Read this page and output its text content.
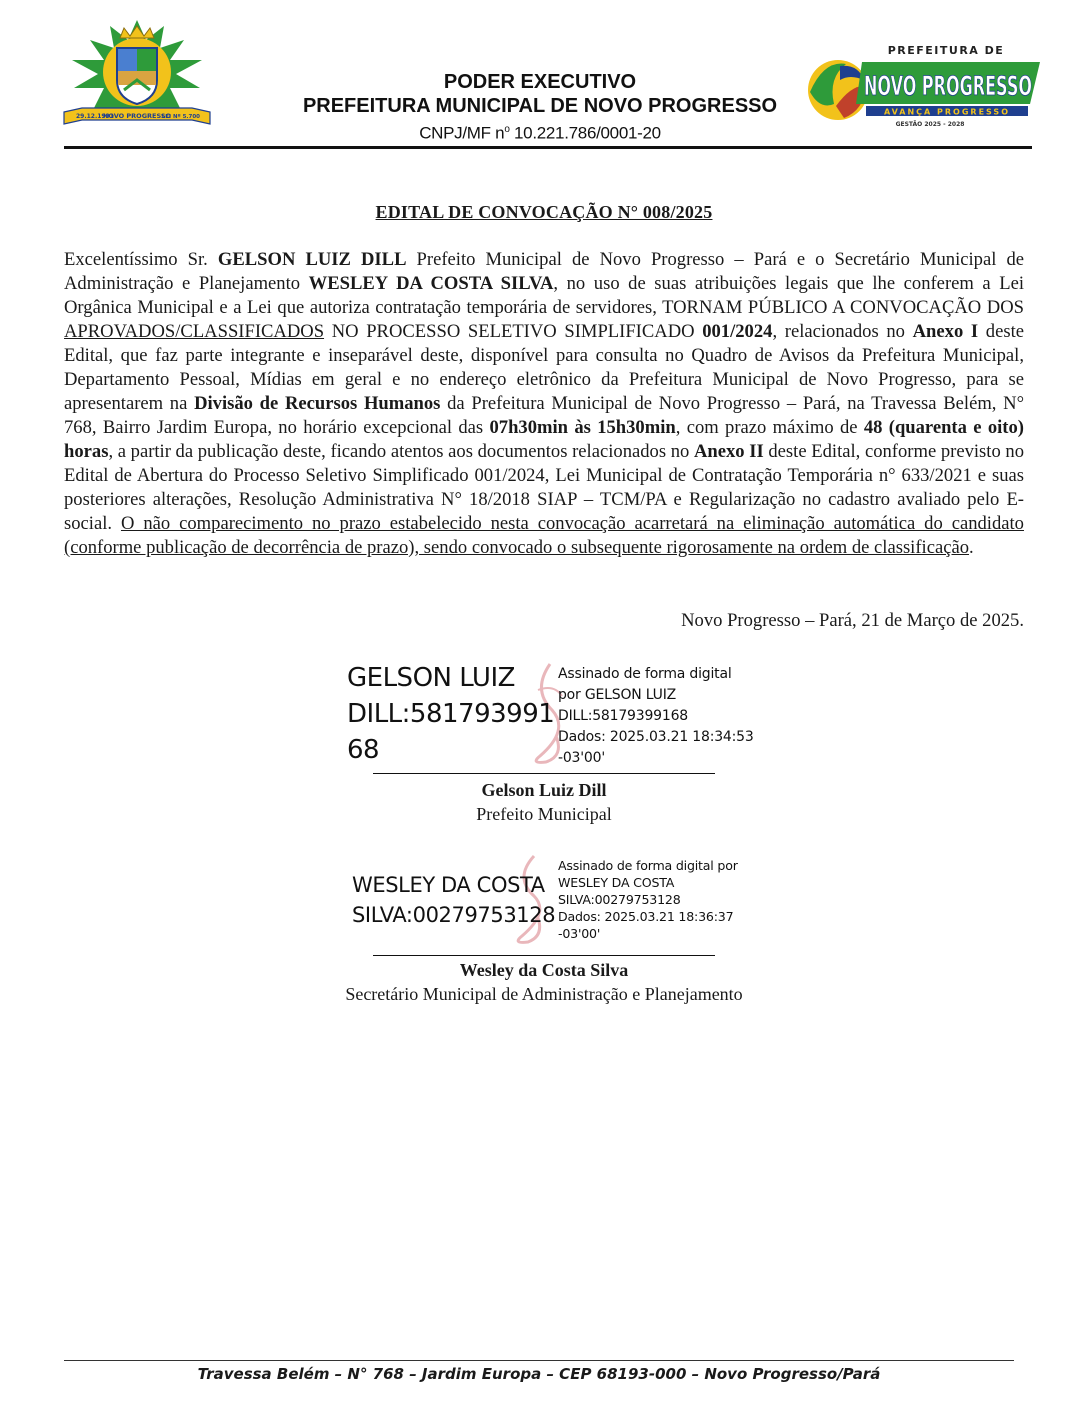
29.12.1991
NOVO PROGRESSO
LEI Nº 5.700
PODER EXECUTIVO
PREFEITURA MUNICIPAL DE NOVO PROGRESSO
CNPJ/MF $n^o$ 10.221.786/0001-20
PREFEITURA DE
NOVO PROGRESSO
AVANÇA PROGRESSO
GESTÃO 2025 - 2028
EDITAL DE CONVOCAÇÃO N° 008/2025
Excelentíssimo Sr. GELSON LUIZ DILL Prefeito Municipal de Novo Progresso – Pará e o Secretário Municipal de Administração e Planejamento WESLEY DA COSTA SILVA, no uso de suas atribuições legais que lhe conferem a Lei Orgânica Municipal e a Lei que autoriza contratação temporária de servidores, TORNAM PÚBLICO A CONVOCAÇÃO DOS APROVADOS/CLASSIFICADOS NO PROCESSO SELETIVO SIMPLIFICADO 001/2024, relacionados no Anexo I deste Edital, que faz parte integrante e inseparável deste, disponível para consulta no Quadro de Avisos da Prefeitura Municipal, Departamento Pessoal, Mídias em geral e no endereço eletrônico da Prefeitura Municipal de Novo Progresso, para se apresentarem na Divisão de Recursos Humanos da Prefeitura Municipal de Novo Progresso – Pará, na Travessa Belém, N° 768, Bairro Jardim Europa, no horário excepcional das 07h30min às 15h30min, com prazo máximo de 48 (quarenta e oito) horas, a partir da publicação deste, ficando atentos aos documentos relacionados no Anexo II deste Edital, conforme previsto no Edital de Abertura do Processo Seletivo Simplificado 001/2024, Lei Municipal de Contratação Temporária n° 633/2021 e suas posteriores alterações, Resolução Administrativa N° 18/2018 SIAP – TCM/PA e Regularização no cadastro avaliado pelo E-social. O não comparecimento no prazo estabelecido nesta convocação acarretará na eliminação automática do candidato (conforme publicação de decorrência de prazo), sendo convocado o subsequente rigorosamente na ordem de classificação.
Novo Progresso – Pará, 21 de Março de 2025.
GELSON LUIZ
DILL:581793991
68
Assinado de forma digital
por GELSON LUIZ
DILL:58179399168
Dados: 2025.03.21 18:34:53
-03'00'
Gelson Luiz Dill
Prefeito Municipal
WESLEY DA COSTA
SILVA:00279753128
Assinado de forma digital por
WESLEY DA COSTA
SILVA:00279753128
Dados: 2025.03.21 18:36:37
-03'00'
Wesley da Costa Silva
Secretário Municipal de Administração e Planejamento
Travessa Belém – N° 768 – Jardim Europa – CEP 68193-000 – Novo Progresso/Pará
